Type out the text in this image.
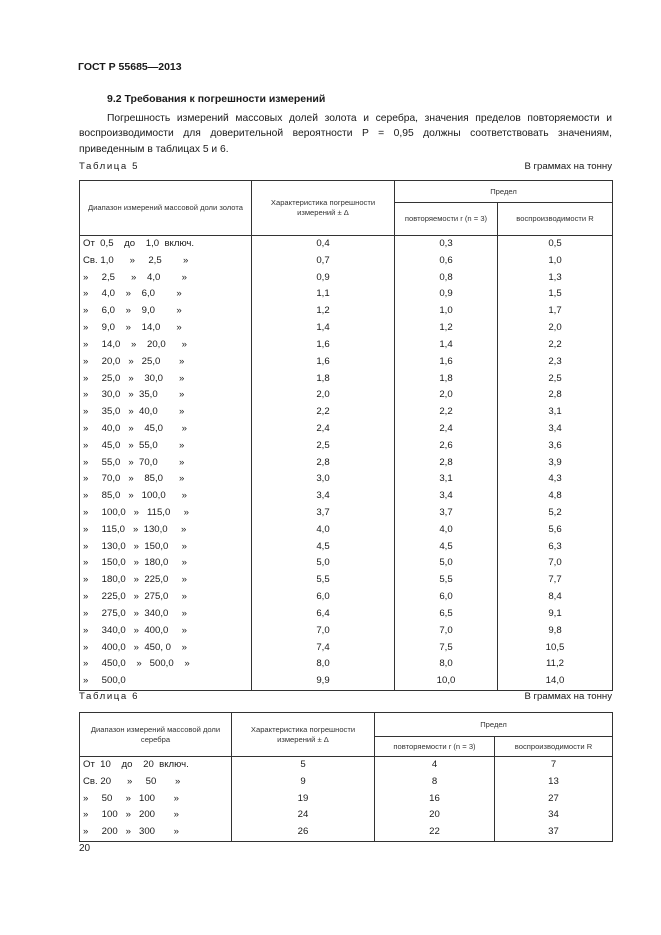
ГОСТ Р 55685—2013
9.2 Требования к погрешности измерений
Погрешность измерений массовых долей золота и серебра, значения пределов повторяемости и воспроизводимости для доверительной вероятности P = 0,95 должны соответствовать значениям, приведенным в таблицах 5 и 6.
Таблица 5	В граммах на тонну
Диапазон измерений массовой доли золота	Характеристика погрешности измерений ± Δ	Предел	
		повторяемости r (n = 3)	воспроизводимости R
От  0,5    до    1,0  включ.	0,4	0,3	0,5
Св. 1,0      »     2,5        »	0,7	0,6	1,0
»     2,5      »    4,0        »	0,9	0,8	1,3
»     4,0    »    6,0        »	1,1	0,9	1,5
»     6,0    »    9,0        »	1,2	1,0	1,7
»     9,0    »    14,0      »	1,4	1,2	2,0
»     14,0    »    20,0      »	1,6	1,4	2,2
»     20,0   »   25,0       »	1,6	1,6	2,3
»     25,0   »    30,0      »	1,8	1,8	2,5
»     30,0   »  35,0        »	2,0	2,0	2,8
»     35,0   »  40,0        »	2,2	2,2	3,1
»     40,0   »    45,0       »	2,4	2,4	3,4
»     45,0   »  55,0        »	2,5	2,6	3,6
»     55,0   »  70,0        »	2,8	2,8	3,9
»     70,0   »    85,0      »	3,0	3,1	4,3
»     85,0   »   100,0      »	3,4	3,4	4,8
»     100,0   »   115,0     »	3,7	3,7	5,2
»     115,0   »  130,0     »	4,0	4,0	5,6
»     130,0   »  150,0     »	4,5	4,5	6,3
»     150,0   »  180,0     »	5,0	5,0	7,0
»     180,0   »  225,0     »	5,5	5,5	7,7
»     225,0   »  275,0     »	6,0	6,0	8,4
»     275,0   »  340,0     »	6,4	6,5	9,1
»     340,0   »  400,0     »	7,0	7,0	9,8
»     400,0   »  450, 0    »	7,4	7,5	10,5
»     450,0    »   500,0    »	8,0	8,0	11,2
»     500,0	9,9	10,0	14,0
Таблица 6	В граммах на тонну
Диапазон измерений массовой доли серебра	Характеристика погрешности измерений ± Δ	Предел	
		повторяемости r (n = 3)	воспроизводимости R
От  10    до    20  включ.	5	4	7
Св. 20      »     50       »	9	8	13
»     50     »   100       »	19	16	27
»     100   »   200       »	24	20	34
»     200   »   300       »	26	22	37
20
